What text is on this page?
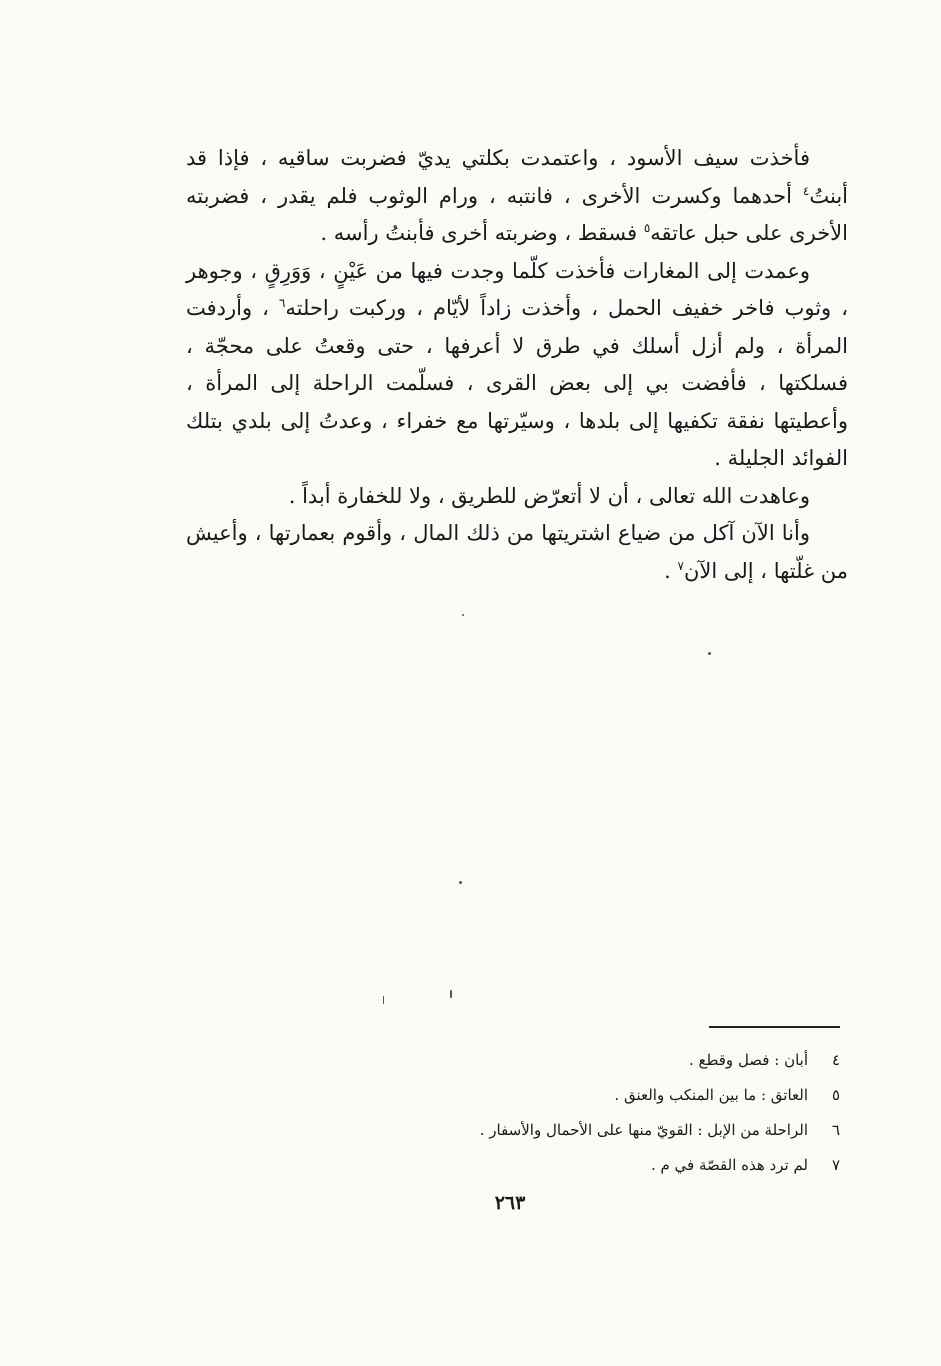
فأخذت سيف الأسود ، واعتمدت بكلتي يديّ فضربت ساقيه ، فإذا قد أبنتُ$^٤$ أحدهما وكسرت الأخرى ، فانتبه ، ورام الوثوب فلم يقدر ، فضربته الأخرى على حبل عاتقه$^٥$ فسقط ، وضربته أخرى فأبنتُ رأسه .

وعمدت إلى المغارات فأخذت كلّما وجدت فيها من عَيْنٍ ، وَوَرِقٍ ، وجوهر ، وثوب فاخر خفيف الحمل ، وأخذت زاداً لأيّام ، وركبت راحلته$^٦$ ، وأردفت المرأة ، ولم أزل أسلك في طرق لا أعرفها ، حتى وقعتُ على محجّة ، فسلكتها ، فأفضت بي إلى بعض القرى ، فسلّمت الراحلة إلى المرأة ، وأعطيتها نفقة تكفيها إلى بلدها ، وسيّرتها مع خفراء ، وعدتُ إلى بلدي بتلك الفوائد الجليلة .

وعاهدت الله تعالى ، أن لا أتعرّض للطريق ، ولا للخفارة أبداً .

وأنا الآن آكل من ضياع اشتريتها من ذلك المال ، وأقوم بعمارتها ، وأعيش من غلّتها ، إلى الآن$^٧$ .

٤
أبان : فصل وقطع .
٥
العاتق : ما بين المنكب والعنق .
٦
الراحلة من الإبل : القويّ منها على الأحمال والأسفار .
٧
لم ترد هذه القصّة في م .
٢٦٣
